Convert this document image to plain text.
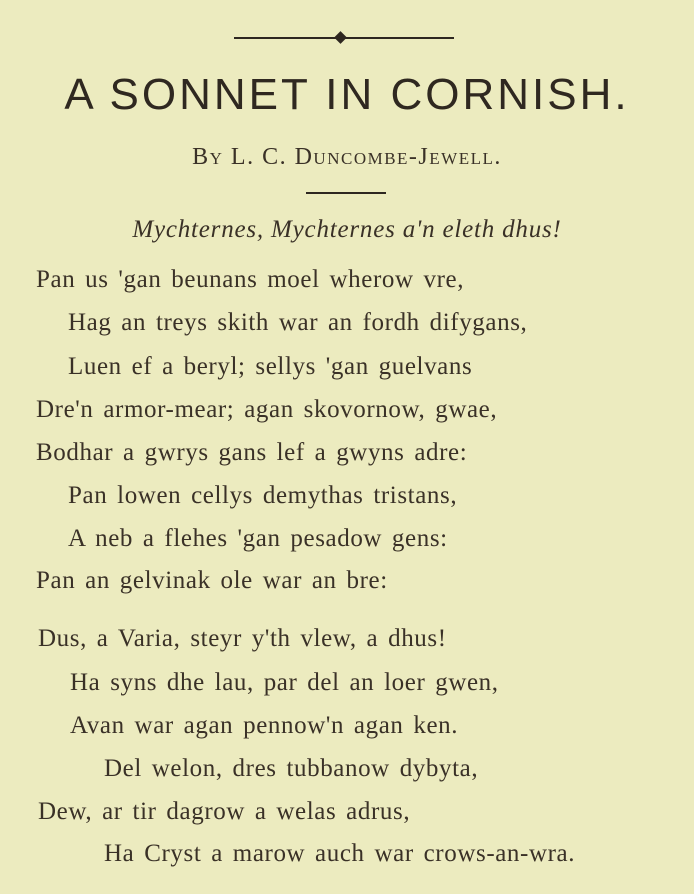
A SONNET IN CORNISH.
By L. C. Duncombe-Jewell.
Mychternes, Mychternes a'n eleth dhus!
Pan us 'gan beunans moel wherow vre,
Hag an treys skith war an fordh difygans,
Luen ef a beryl; sellys 'gan guelvans
Dre'n armor-mear; agan skovornow, gwae,
Bodhar a gwrys gans lef a gwyns adre:
Pan lowen cellys demythas tristans,
A neb a flehes 'gan pesadow gens:
Pan an gelvinak ole war an bre:
Dus, a Varia, steyr y'th vlew, a dhus!
Ha syns dhe lau, par del an loer gwen,
Avan war agan pennow'n agan ken.
Del welon, dres tubbanow dybyta,
Dew, ar tir dagrow a welas adrus,
Ha Cryst a marow auch war crows-an-wra.
